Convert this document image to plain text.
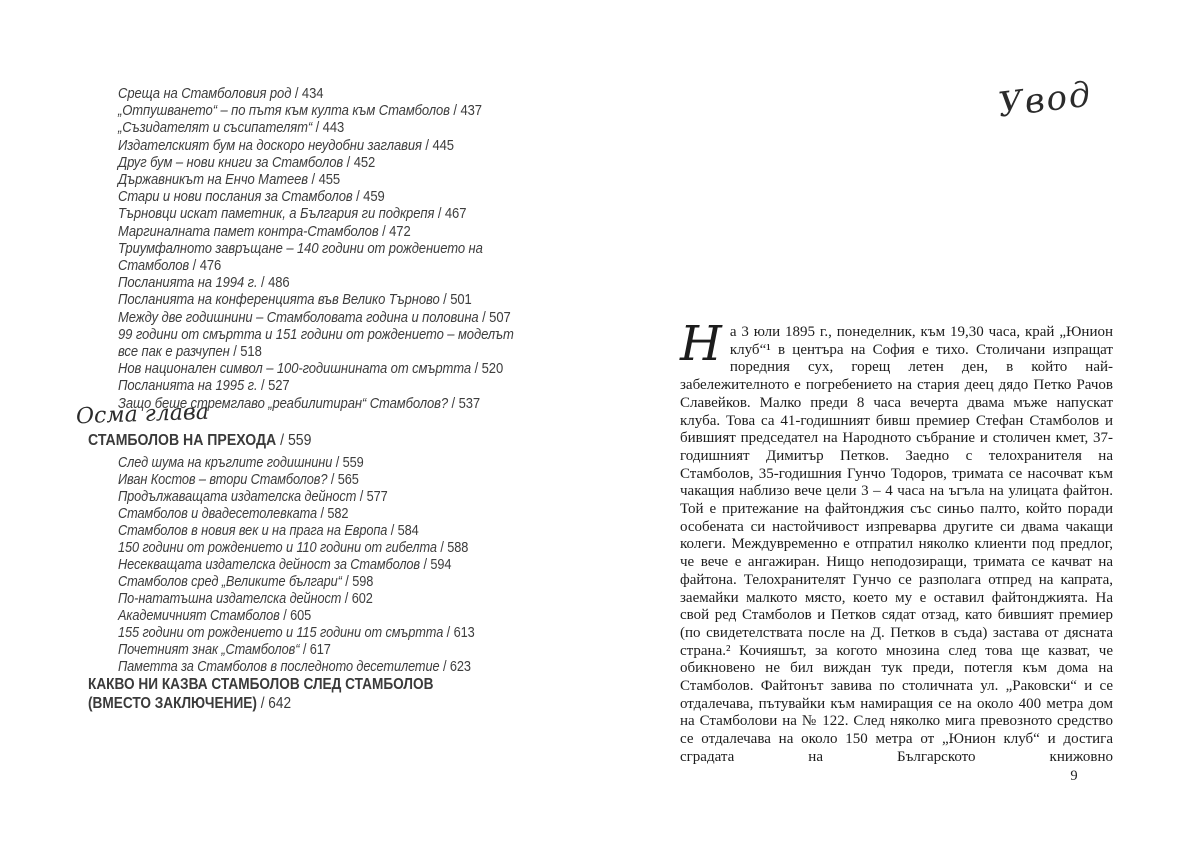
Среща на Стамболовия род / 434
„Отпушването“ – по пътя към култа към Стамболов / 437
„Съзидателят и съсипателят“ / 443
Издателският бум на доскоро неудобни заглавия / 445
Друг бум – нови книги за Стамболов / 452
Държавникът на Енчо Матеев / 455
Стари и нови послания за Стамболов / 459
Търновци искат паметник, а България ги подкрепя / 467
Маргиналната памет контра-Стамболов / 472
Триумфалното завръщане – 140 години от рождението на Стамболов / 476
Посланията на 1994 г. / 486
Посланията на конференцията във Велико Търново / 501
Между две годишнини – Стамболовата година и половина / 507
99 години от смъртта и 151 години от рождението – моделът все пак е разчупен / 518
Нов национален символ – 100-годишнината от смъртта / 520
Посланията на 1995 г. / 527
Защо беше стремглаво „реабилитиран“ Стамболов? / 537
Осма глава
СТАМБОЛОВ НА ПРЕХОДА / 559
След шума на кръглите годишнини / 559
Иван Костов – втори Стамболов? / 565
Продължаващата издателска дейност / 577
Стамболов и двадесетолевката / 582
Стамболов в новия век и на прага на Европа / 584
150 години от рождението и 110 години от гибелта / 588
Несекващата издателска дейност за Стамболов / 594
Стамболов сред „Великите българи“ / 598
По-нататъшна издателска дейност / 602
Академичният Стамболов / 605
155 години от рождението и 115 години от смъртта / 613
Почетният знак „Стамболов“ / 617
Паметта за Стамболов в последното десетилетие / 623
КАКВО НИ КАЗВА СТАМБОЛОВ СЛЕД СТАМБОЛОВ
(ВМЕСТО ЗАКЛЮЧЕНИЕ) / 642
Увод
На 3 юли 1895 г., понеделник, към 19,30 часа, край „Юнион клуб“¹ в центъра на София е тихо. Столичани изпращат поредния сух, горещ летен ден, в който най-забележителното е погребението на стария деец дядо Петко Рачов Славейков. Малко преди 8 часа вечерта двама мъже напускат клуба. Това са 41-годишният бивш премиер Стефан Стамболов и бившият председател на Народното събрание и столичен кмет, 37-годишният Димитър Петков. Заедно с телохранителя на Стамболов, 35-годишния Гунчо Тодоров, тримата се насочват към чакащия наблизо вече цели 3 – 4 часа на ъгъла на улицата файтон. Той е притежание на файтонджия със синьо палто, който поради особената си настойчивост изпреварва другите си двама чакащи колеги. Междувременно е отпратил няколко клиенти под предлог, че вече е ангажиран. Нищо неподозиращи, тримата се качват на файтона. Телохранителят Гунчо се разполага отпред на капрата, заемайки малкото място, което му е оставил файтонджията. На свой ред Стамболов и Петков сядат отзад, като бившият премиер (по свидетелствата после на Д. Петков в съда) застава от дясната страна.² Кочияшът, за когото мнозина след това ще казват, че обикновено не бил виждан тук преди, потегля към дома на Стамболов. Файтонът завива по столичната ул. „Раковски“ и се отдалечава, пътувайки към намиращия се на около 400 метра дом на Стамболови на № 122. След няколко мига превозното средство се отдалечава на около 150 метра от „Юнион клуб“ и достига сградата на Българското книжовно
9
